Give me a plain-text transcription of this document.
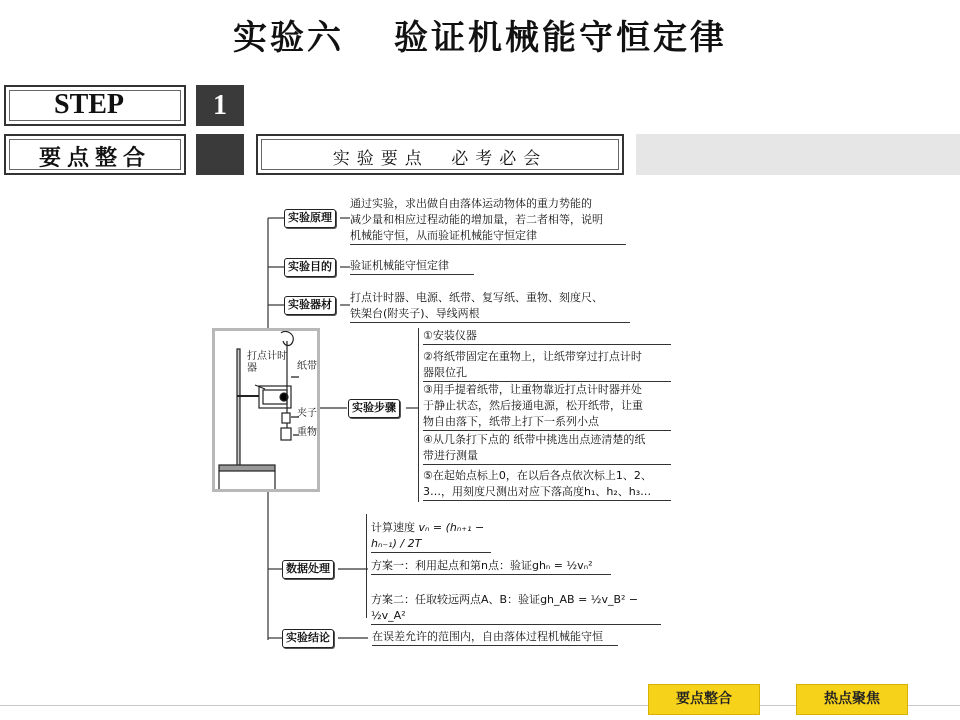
实验六 验证机械能守恒定律
STEP	1
要点整合	实验要点 必考必会
实验原理
通过实验，求出做自由落体运动物体的重力势能的
减少量和相应过程动能的增加量，若二者相等，说明
机械能守恒，从而验证机械能守恒定律
实验目的	验证机械能守恒定律
实验器材
打点计时器、电源、纸带、复写纸、重物、刻度尺、
铁架台(附夹子)、导线两根
打点计时器	纸带
夹子
重物
实验步骤
①安装仪器
②将纸带固定在重物上，让纸带穿过打点计时
器限位孔
③用手提着纸带，让重物靠近打点计时器并处
于静止状态，然后接通电源，松开纸带，让重
物自由落下，纸带上打下一系列小点
④从几条打下点的 纸带中挑选出点迹清楚的纸
带进行测量
⑤在起始点标上0，在以后各点依次标上1、2、
3…，用刻度尺测出对应下落高度h₁、h₂、h₃…
数据处理
计算速度 vₙ = (hₙ₊₁ − hₙ₋₁) / 2T
方案一：利用起点和第n点：验证ghₙ = ½vₙ²
方案二：任取较远两点A、B：验证gh_AB = ½v_B² − ½v_A²
实验结论	在误差允许的范围内，自由落体过程机械能守恒
要点整合	热点聚焦
